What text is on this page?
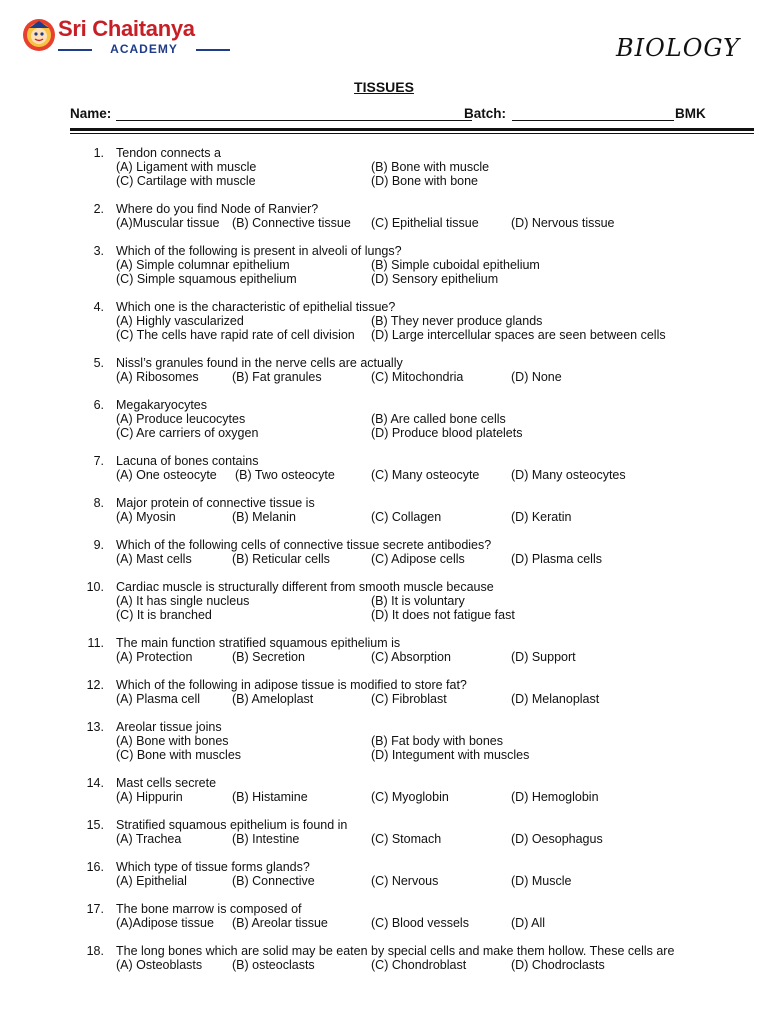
Sri Chaitanya
ACADEMY	BIOLOGY
TISSUES
Name:	Batch:	BMK
1. Tendon connects a
(A) Ligament with muscle	(B) Bone with muscle
(C) Cartilage with muscle	(D) Bone with bone
2. Where do you find Node of Ranvier?
(A)Muscular tissue (B) Connective tissue (C) Epithelial tissue	(D) Nervous tissue
3. Which of the following is present in alveoli of lungs?
(A) Simple columnar epithelium	(B) Simple cuboidal epithelium
(C) Simple squamous epithelium	(D) Sensory epithelium
4. Which one is the characteristic of epithelial tissue?
(A) Highly vascularized	(B) They never produce glands
(C) The cells have rapid rate of cell division (D) Large intercellular spaces are seen between cells
5. Nissl’s granules found in the nerve cells are actually
(A) Ribosomes	(B) Fat granules	(C) Mitochondria	(D) None
6. Megakaryocytes
(A) Produce leucocytes	(B) Are called bone cells
(C) Are carriers of oxygen	(D) Produce blood platelets
7. Lacuna of bones contains
(A) One osteocyte (B) Two osteocyte	(C) Many osteocyte	(D) Many osteocytes
8. Major protein of connective tissue is
(A) Myosin	(B) Melanin	(C) Collagen	(D) Keratin
9. Which of the following cells of connective tissue secrete antibodies?
(A) Mast cells	(B) Reticular cells	(C) Adipose cells	(D) Plasma cells
10. Cardiac muscle is structurally different from smooth muscle because
(A) It has single nucleus	(B) It is voluntary
(C) It is branched	(D) It does not fatigue fast
11. The main function stratified squamous epithelium is
(A) Protection	(B) Secretion	(C) Absorption	(D) Support
12. Which of the following in adipose tissue is modified to store fat?
(A) Plasma cell	(B) Ameloplast	(C) Fibroblast	(D) Melanoplast
13. Areolar tissue joins
(A) Bone with bones	(B) Fat body with bones
(C) Bone with muscles	(D) Integument with muscles
14. Mast cells secrete
(A) Hippurin	(B) Histamine	(C) Myoglobin	(D) Hemoglobin
15. Stratified squamous epithelium is found in
(A) Trachea	(B) Intestine	(C) Stomach	(D) Oesophagus
16. Which type of tissue forms glands?
(A) Epithelial	(B) Connective	(C) Nervous	(D) Muscle
17. The bone marrow is composed of
(A)Adipose tissue (B) Areolar tissue	(C) Blood vessels	(D) All
18. The long bones which are solid may be eaten by special cells and make them hollow. These cells are
(A) Osteoblasts (B) osteoclasts	(C) Chondroblast	(D) Chodroclasts
